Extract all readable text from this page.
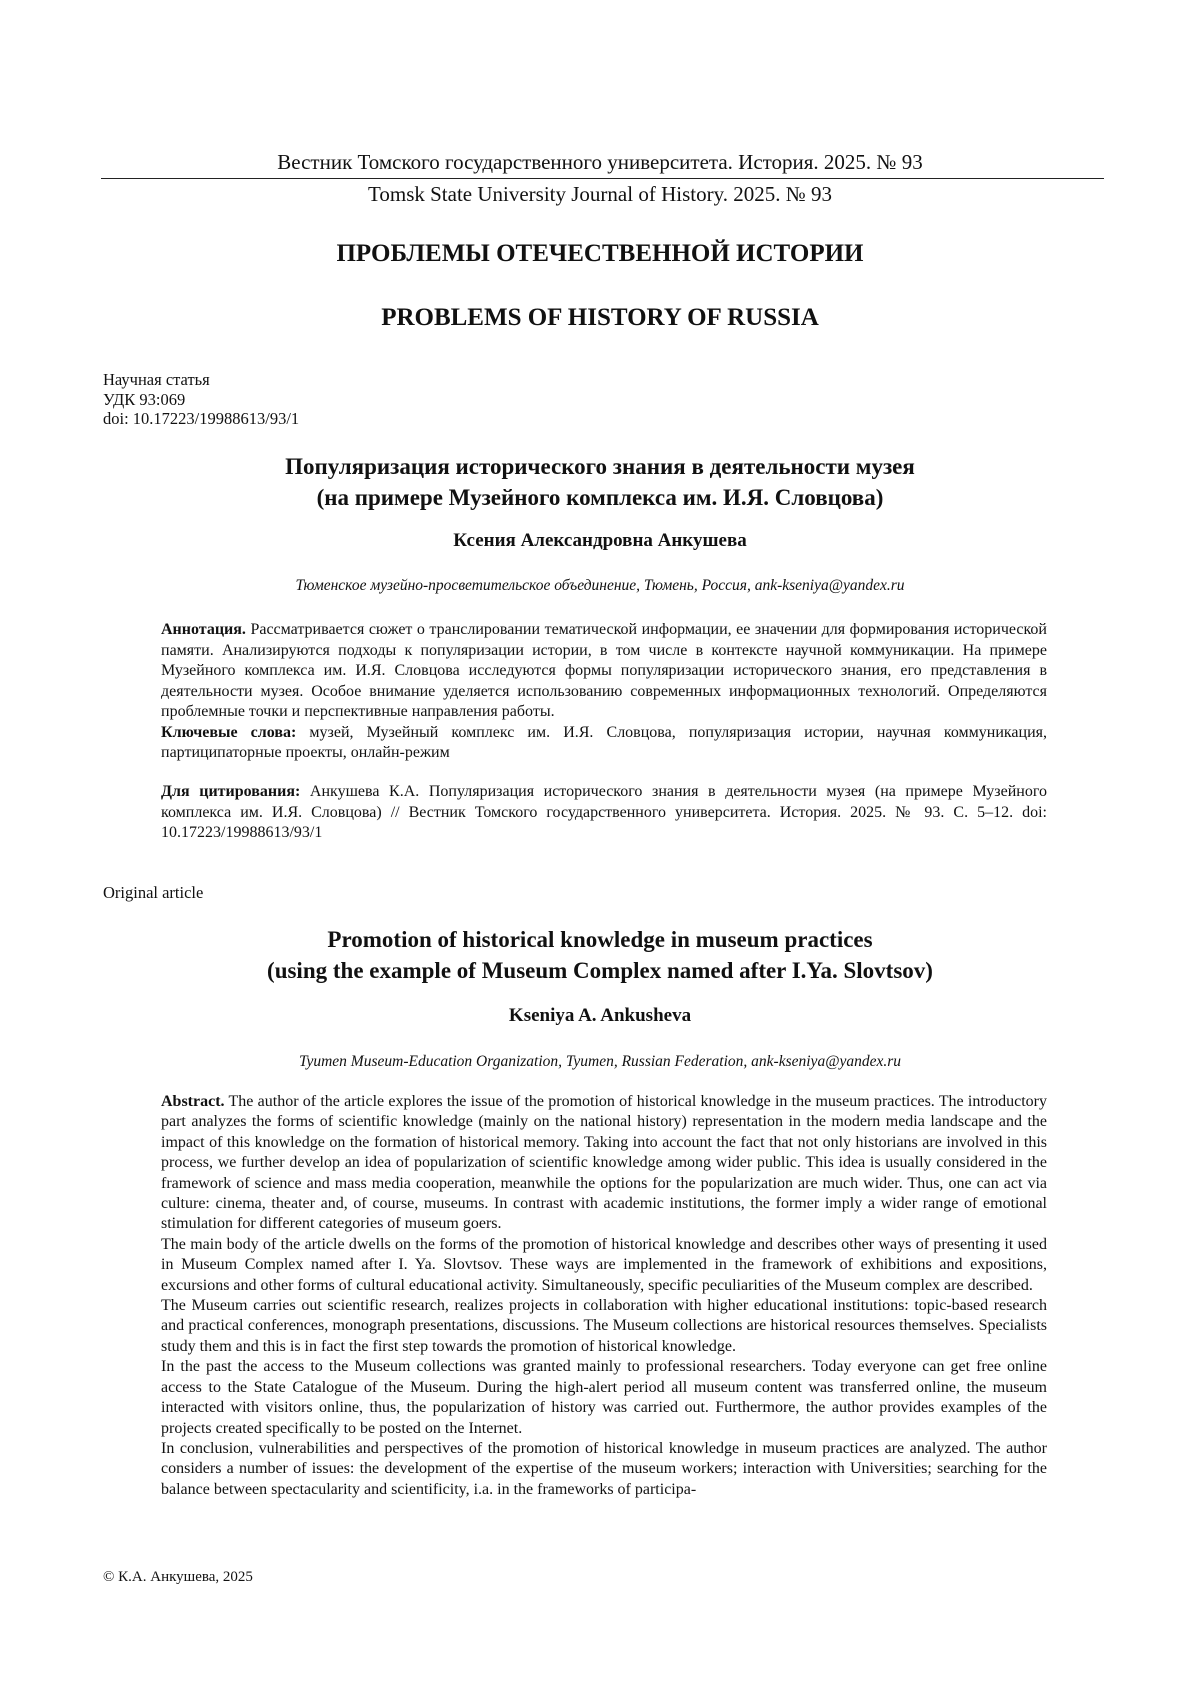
Вестник Томского государственного университета. История. 2025. № 93
Tomsk State University Journal of History. 2025. № 93
ПРОБЛЕМЫ ОТЕЧЕСТВЕННОЙ ИСТОРИИ
PROBLEMS OF HISTORY OF RUSSIA
Научная статья
УДК 93:069
doi: 10.17223/19988613/93/1
Популяризация исторического знания в деятельности музея
(на примере Музейного комплекса им. И.Я. Словцова)
Ксения Александровна Анкушева
Тюменское музейно-просветительское объединение, Тюмень, Россия, ank-kseniya@yandex.ru
Аннотация. Рассматривается сюжет о транслировании тематической информации, ее значении для формирования исторической памяти. Анализируются подходы к популяризации истории, в том числе в контексте научной коммуникации. На примере Музейного комплекса им. И.Я. Словцова исследуются формы популяризации исторического знания, его представления в деятельности музея. Особое внимание уделяется использованию современных информационных технологий. Определяются проблемные точки и перспективные направления работы.
Ключевые слова: музей, Музейный комплекс им. И.Я. Словцова, популяризация истории, научная коммуникация, партиципаторные проекты, онлайн-режим
Для цитирования: Анкушева К.А. Популяризация исторического знания в деятельности музея (на примере Музейного комплекса им. И.Я. Словцова) // Вестник Томского государственного университета. История. 2025. № 93. С. 5–12. doi: 10.17223/19988613/93/1
Original article
Promotion of historical knowledge in museum practices
(using the example of Museum Complex named after I.Ya. Slovtsov)
Kseniya A. Ankusheva
Tyumen Museum-Education Organization, Tyumen, Russian Federation, ank-kseniya@yandex.ru

Abstract. The author of the article explores the issue of the promotion of historical knowledge in the museum practices. The introductory part analyzes the forms of scientific knowledge (mainly on the national history) representation in the modern media landscape and the impact of this knowledge on the formation of historical memory. Taking into account the fact that not only historians are involved in this process, we further develop an idea of popularization of scientific knowledge among wider public. This idea is usually considered in the framework of science and mass media cooperation, meanwhile the options for the popularization are much wider. Thus, one can act via culture: cinema, theater and, of course, museums. In contrast with academic institutions, the former imply a wider range of emotional stimulation for different categories of museum goers.

The main body of the article dwells on the forms of the promotion of historical knowledge and describes other ways of presenting it used in Museum Complex named after I. Ya. Slovtsov. These ways are implemented in the framework of exhibitions and expositions, excursions and other forms of cultural educational activity. Simultaneously, specific peculiarities of the Museum complex are described.

The Museum carries out scientific research, realizes projects in collaboration with higher educational institutions: topic-based research and practical conferences, monograph presentations, discussions. The Museum collections are historical resources themselves. Specialists study them and this is in fact the first step towards the promotion of historical knowledge.

In the past the access to the Museum collections was granted mainly to professional researchers. Today everyone can get free online access to the State Catalogue of the Museum. During the high-alert period all museum content was transferred online, the museum interacted with visitors online, thus, the popularization of history was carried out. Furthermore, the author provides examples of the projects created specifically to be posted on the Internet.

In conclusion, vulnerabilities and perspectives of the promotion of historical knowledge in museum practices are analyzed. The author considers a number of issues: the development of the expertise of the museum workers; interaction with Universities; searching for the balance between spectacularity and scientificity, i.a. in the frameworks of participa-

© К.А. Анкушева, 2025
